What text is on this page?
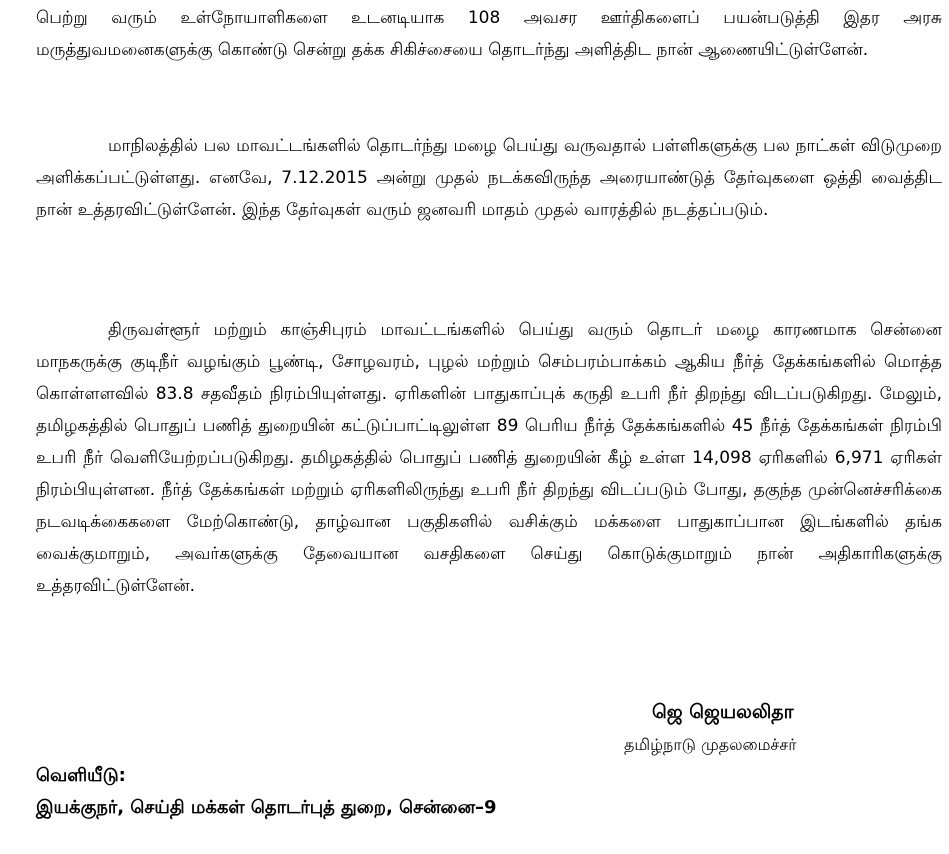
பெற்று வரும் உள்நோயாளிகளை உடனடியாக 108 அவசர ஊர்திகளைப் பயன்படுத்தி இதர அரசு மருத்துவமனைகளுக்கு கொண்டு சென்று தக்க சிகிச்சையை தொடர்ந்து அளித்திட நான் ஆணையிட்டுள்ளேன்.

மாநிலத்தில் பல மாவட்டங்களில் தொடர்ந்து மழை பெய்து வருவதால் பள்ளிகளுக்கு பல நாட்கள் விடுமுறை அளிக்கப்பட்டுள்ளது. எனவே, 7.12.2015 அன்று முதல் நடக்கவிருந்த அரையாண்டுத் தேர்வுகளை ஒத்தி வைத்திட நான் உத்தரவிட்டுள்ளேன். இந்த தேர்வுகள் வரும் ஜனவரி மாதம் முதல் வாரத்தில் நடத்தப்படும்.

திருவள்ளூர் மற்றும் காஞ்சிபுரம் மாவட்டங்களில் பெய்து வரும் தொடர் மழை காரணமாக சென்னை மாநகருக்கு குடிநீர் வழங்கும் பூண்டி, சோழவரம், புழல் மற்றும் செம்பரம்பாக்கம் ஆகிய நீர்த் தேக்கங்களில் மொத்த கொள்ளளவில் 83.8 சதவீதம் நிரம்பியுள்ளது. ஏரிகளின் பாதுகாப்புக் கருதி உபரி நீர் திறந்து விடப்படுகிறது. மேலும், தமிழகத்தில் பொதுப் பணித் துறையின் கட்டுப்பாட்டிலுள்ள 89 பெரிய நீர்த் தேக்கங்களில் 45 நீர்த் தேக்கங்கள் நிரம்பி உபரி நீர் வெளியேற்றப்படுகிறது. தமிழகத்தில் பொதுப் பணித் துறையின் கீழ் உள்ள 14,098 ஏரிகளில் 6,971 ஏரிகள் நிரம்பியுள்ளன. நீர்த் தேக்கங்கள் மற்றும் ஏரிகளிலிருந்து உபரி நீர் திறந்து விடப்படும் போது, தகுந்த முன்னெச்சரிக்கை நடவடிக்கைகளை மேற்கொண்டு, தாழ்வான பகுதிகளில் வசிக்கும் மக்களை பாதுகாப்பான இடங்களில் தங்க வைக்குமாறும், அவர்களுக்கு தேவையான வசதிகளை செய்து கொடுக்குமாறும் நான் அதிகாரிகளுக்கு உத்தரவிட்டுள்ளேன்.

ஜெ ஜெயலலிதா
தமிழ்நாடு முதலமைச்சர்
வெளியீடு:
இயக்குநர், செய்தி மக்கள் தொடர்புத் துறை, சென்னை–9
